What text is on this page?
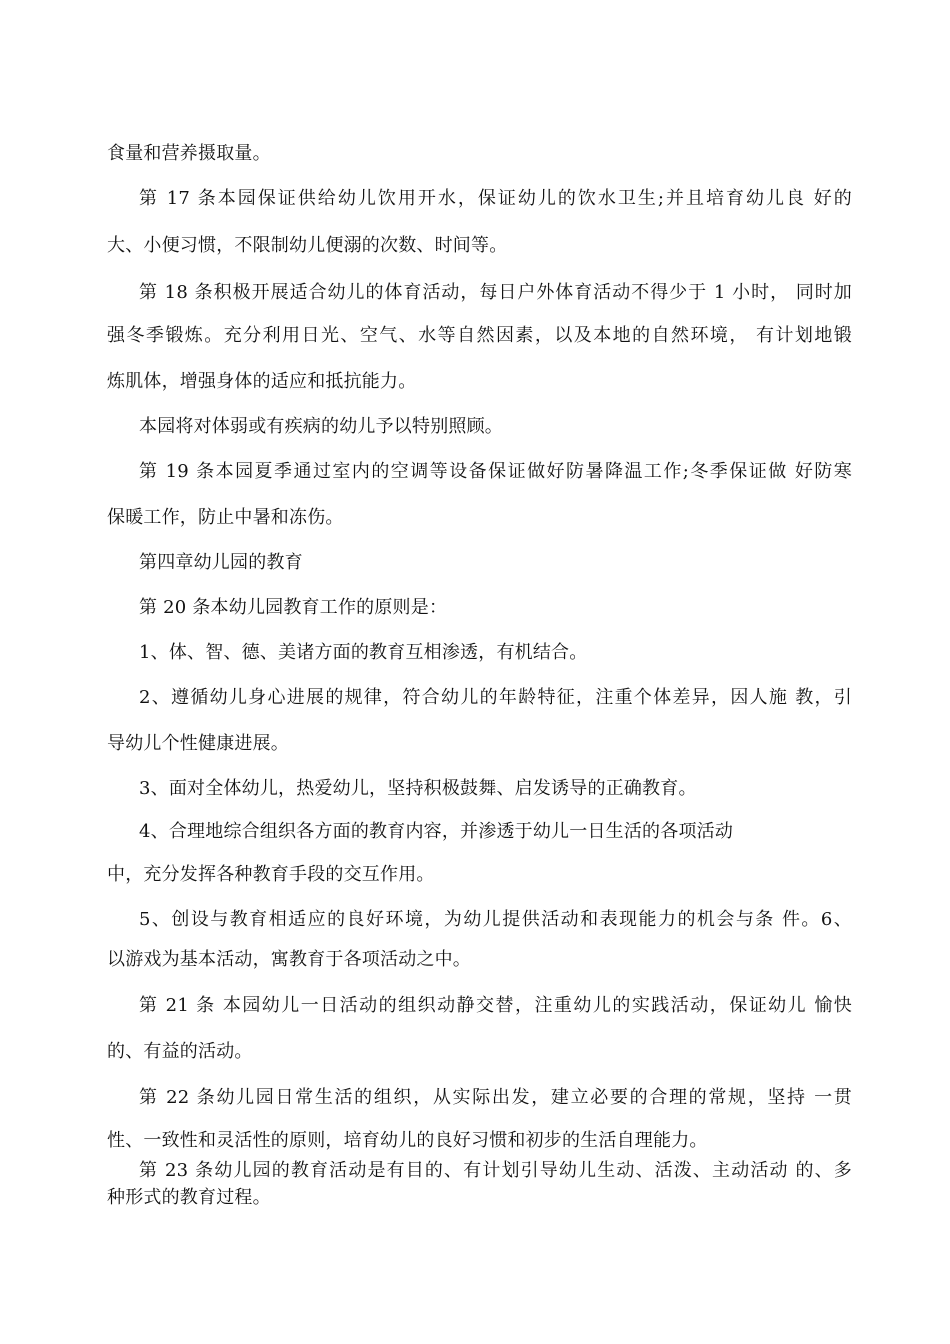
食量和营养摄取量。
第 17 条本园保证供给幼儿饮用开水，保证幼儿的饮水卫生;并且培育幼儿良 好的
大、小便习惯，不限制幼儿便溺的次数、时间等。
第 18 条积极开展适合幼儿的体育活动，每日户外体育活动不得少于 1 小时， 同时加
强冬季锻炼。充分利用日光、空气、水等自然因素，以及本地的自然环境， 有计划地锻
炼肌体，增强身体的适应和抵抗能力。
本园将对体弱或有疾病的幼儿予以特别照顾。
第 19 条本园夏季通过室内的空调等设备保证做好防暑降温工作;冬季保证做 好防寒
保暖工作，防止中暑和冻伤。
第四章幼儿园的教育
第 20 条本幼儿园教育工作的原则是：
1、体、智、德、美诸方面的教育互相渗透，有机结合。
2、遵循幼儿身心进展的规律，符合幼儿的年龄特征，注重个体差异，因人施 教，引
导幼儿个性健康进展。
3、面对全体幼儿，热爱幼儿，坚持积极鼓舞、启发诱导的正确教育。
4、合理地综合组织各方面的教育内容，并渗透于幼儿一日生活的各项活动
中，充分发挥各种教育手段的交互作用。
5、创设与教育相适应的良好环境，为幼儿提供活动和表现能力的机会与条 件。6、
以游戏为基本活动，寓教育于各项活动之中。
第 21 条 本园幼儿一日活动的组织动静交替，注重幼儿的实践活动，保证幼儿 愉快
的、有益的活动。
第 22 条幼儿园日常生活的组织，从实际出发，建立必要的合理的常规，坚持 一贯
性、一致性和灵活性的原则，培育幼儿的良好习惯和初步的生活自理能力。
第 23 条幼儿园的教育活动是有目的、有计划引导幼儿生动、活泼、主动活动 的、多
种形式的教育过程。
